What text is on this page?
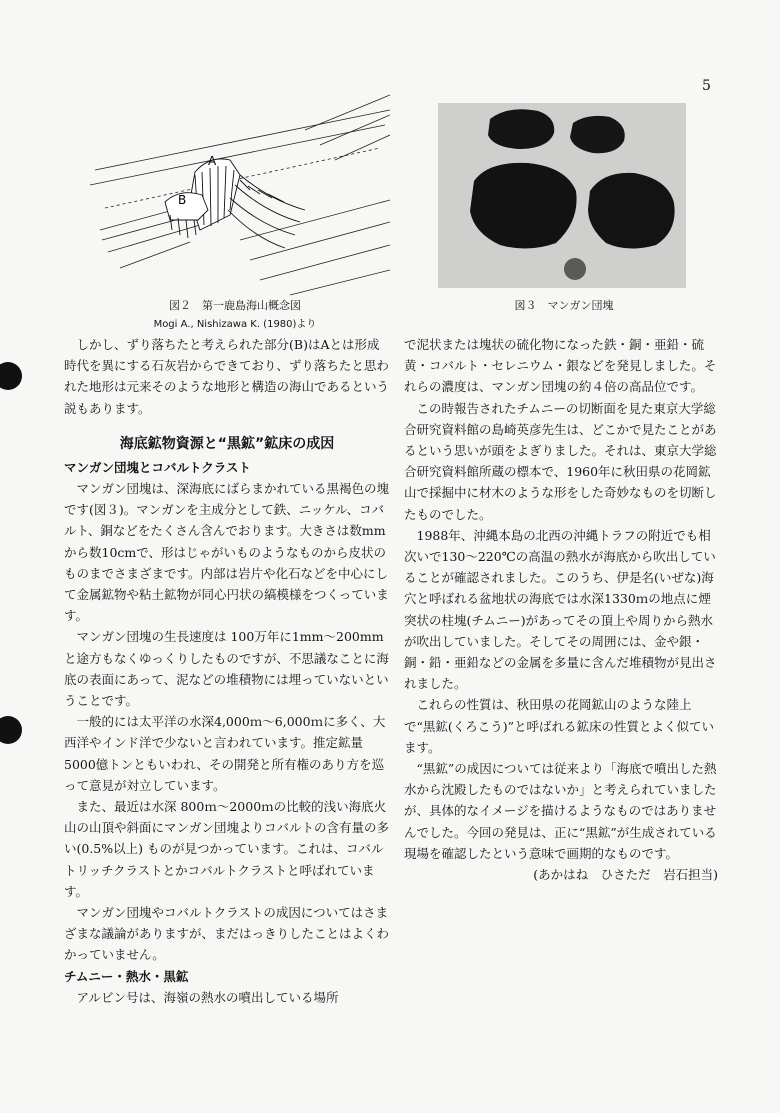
5
A
B
図２　第一鹿島海山概念図
Mogi A., Nishizawa K. (1980)より
図３　マンガン団塊

しかし、ずり落ちたと考えられた部分(B)はAとは形成時代を異にする石灰岩からできており、ずり落ちたと思われた地形は元来そのような地形と構造の海山であるという説もあります。

海底鉱物資源と“黒鉱”鉱床の成因
マンガン団塊とコバルトクラスト

マンガン団塊は、深海底にばらまかれている黒褐色の塊です(図３)。マンガンを主成分として鉄、ニッケル、コバルト、銅などをたくさん含んでおります。大きさは数mmから数10cmで、形はじゃがいものようなものから皮状のものまでさまざまです。内部は岩片や化石などを中心にして金属鉱物や粘土鉱物が同心円状の縞模様をつくっています。

マンガン団塊の生長速度は 100万年に1mm〜200mmと途方もなくゆっくりしたものですが、不思議なことに海底の表面にあって、泥などの堆積物には埋っていないということです。

一般的には太平洋の水深4,000ｍ〜6,000ｍに多く、大西洋やインド洋で少ないと言われています。推定鉱量5000億トンともいわれ、その開発と所有権のあり方を巡って意見が対立しています。

また、最近は水深 800ｍ〜2000ｍの比較的浅い海底火山の山頂や斜面にマンガン団塊よりコバルトの含有量の多い(0.5%以上) ものが見つかっています。これは、コバルトリッチクラストとかコバルトクラストと呼ばれています。

マンガン団塊やコバルトクラストの成因についてはさまざまな議論がありますが、まだはっきりしたことはよくわかっていません。

チムニー・熱水・黒鉱

アルビン号は、海嶺の熱水の噴出している場所

で泥状または塊状の硫化物になった鉄・銅・亜鉛・硫黄・コバルト・セレニウム・銀などを発見しました。それらの濃度は、マンガン団塊の約４倍の高品位です。

この時報告されたチムニーの切断面を見た東京大学総合研究資料館の島崎英彦先生は、どこかで見たことがあるという思いが頭をよぎりました。それは、東京大学総合研究資料館所蔵の標本で、1960年に秋田県の花岡鉱山で採掘中に材木のような形をした奇妙なものを切断したものでした。

1988年、沖縄本島の北西の沖縄トラフの附近でも相次いで130〜220℃の高温の熱水が海底から吹出していることが確認されました。このうち、伊是名(いぜな)海穴と呼ばれる盆地状の海底では水深1330ｍの地点に煙突状の柱塊(チムニー)があってその頂上や周りから熱水が吹出していました。そしてその周囲には、金や銀・銅・鉛・亜鉛などの金属を多量に含んだ堆積物が見出されました。

これらの性質は、秋田県の花岡鉱山のような陸上で“黒鉱(くろこう)”と呼ばれる鉱床の性質とよく似ています。

“黒鉱”の成因については従来より「海底で噴出した熱水から沈殿したものではないか」と考えられていましたが、具体的なイメージを描けるようなものではありませんでした。今回の発見は、正に“黒鉱”が生成されている現場を確認したという意味で画期的なものです。

(あかはね　ひさただ　岩石担当)
